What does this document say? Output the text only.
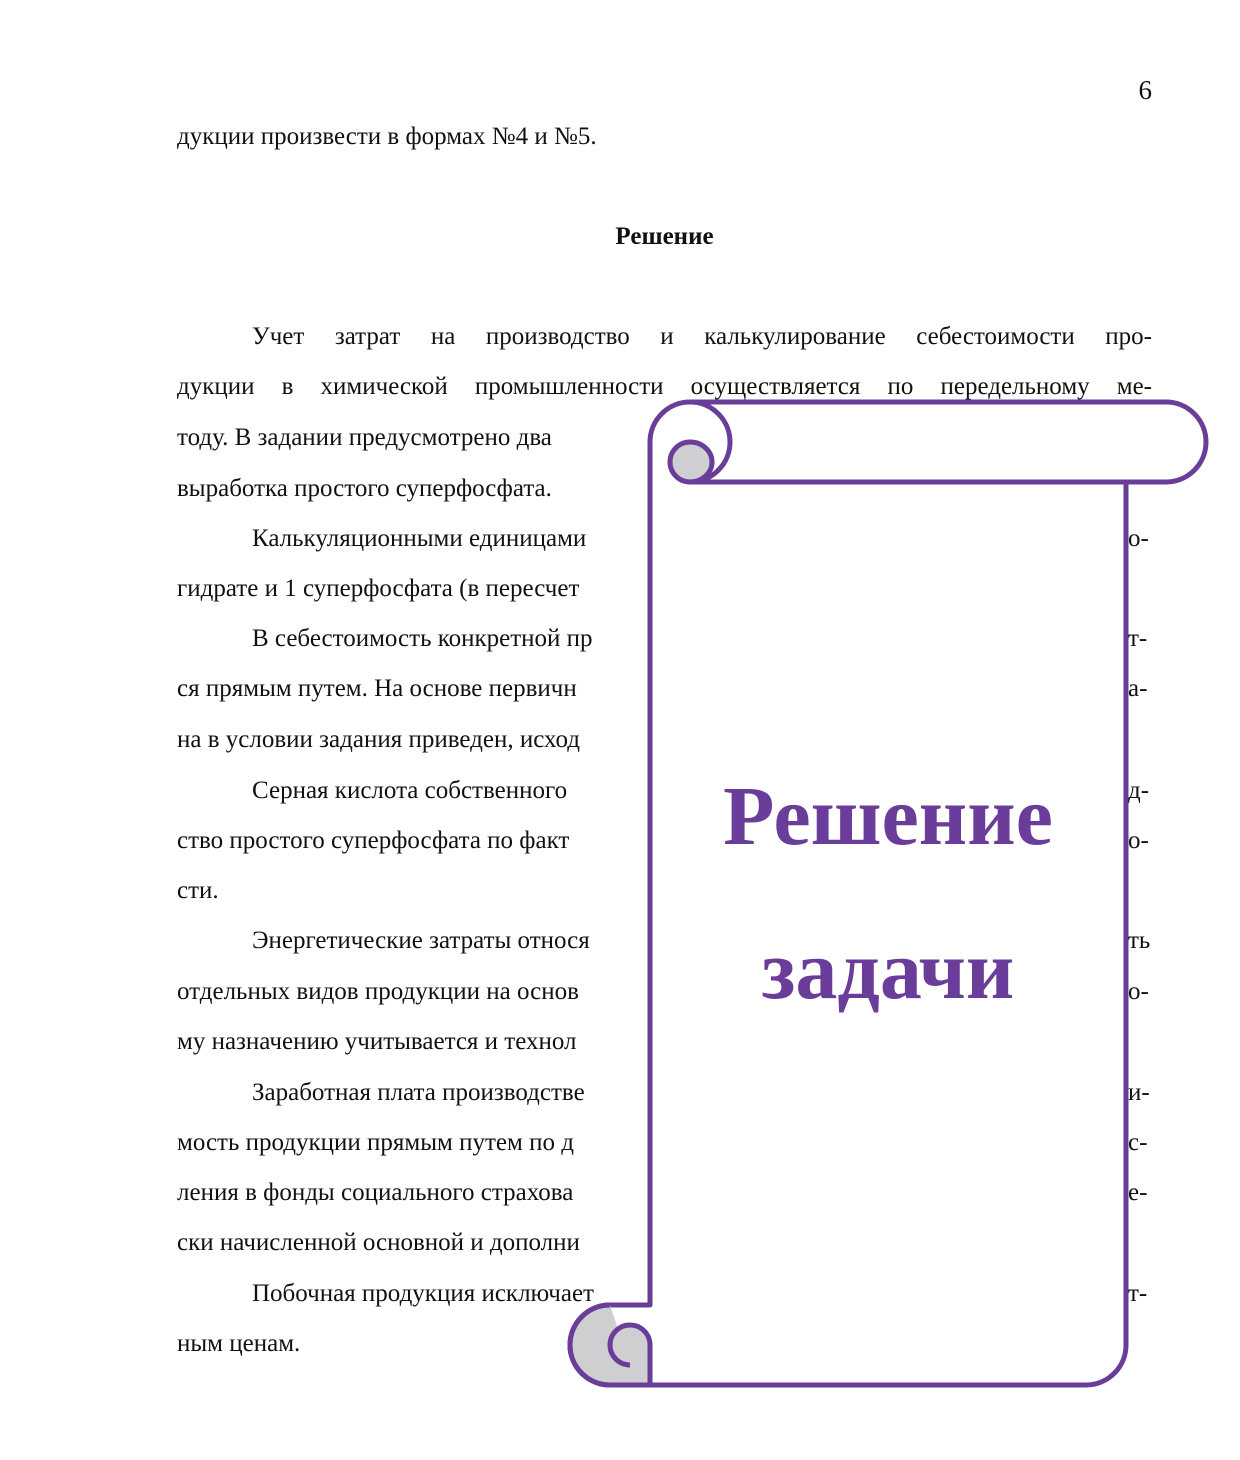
6
дукции произвести в формах №4 и №5.
Решение
Учет затрат на производство и калькулирование себестоимости про-
дукции в химической промышленности осуществляется по передельному ме-
тоду. В задании предусмотрено два
выработка простого суперфосфата.
Калькуляционными единицами
гидрате и 1 суперфосфата (в пересчет
В себестоимость конкретной пр
ся прямым путем. На основе первичн
на в условии задания приведен, исход
Серная кислота собственного
ство простого суперфосфата по факт
сти.
Энергетические затраты относя
отдельных видов продукции на основ
му назначению учитывается и технол
Заработная плата производстве
мость продукции прямым путем по д
ления в фонды социального страхова
ски начисленной основной и дополни
Побочная продукция исключает
ным ценам.
о-
т-
а-
д-
о-
ть
о-
и-
с-
е-
т-
Решение
задачи
